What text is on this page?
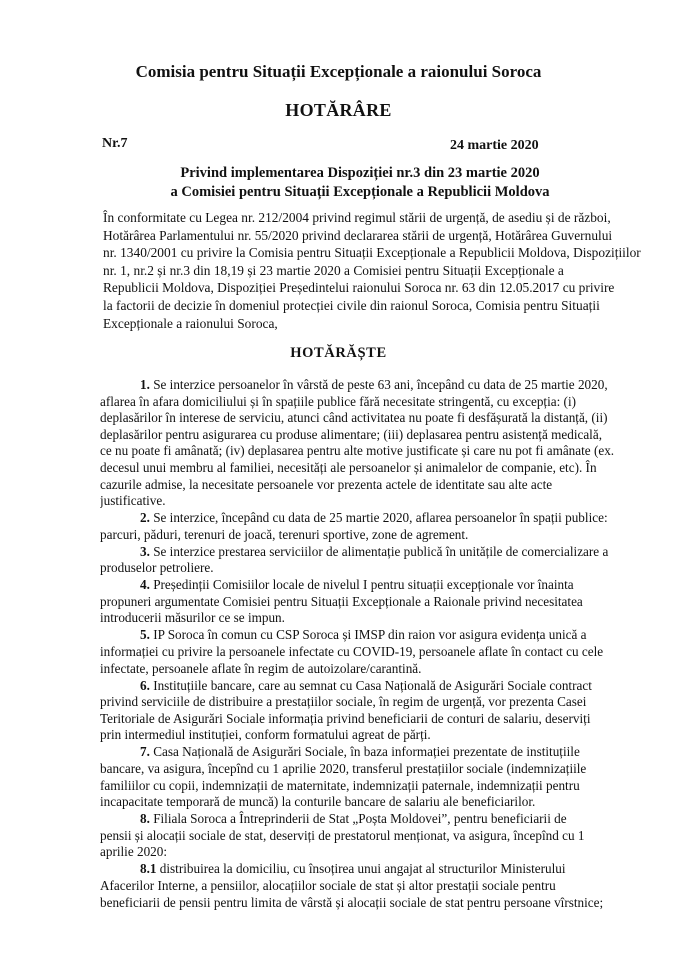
Comisia pentru Situații Excepționale a raionului Soroca
HOTĂRÂRE
Nr.7	24 martie 2020
Privind implementarea Dispoziției nr.3 din 23 martie 2020
a Comisiei pentru Situații Excepționale a Republicii Moldova
În conformitate cu Legea nr. 212/2004 privind regimul stării de urgență, de asediu și de război,
Hotărârea Parlamentului nr. 55/2020 privind declararea stării de urgență, Hotărârea Guvernului
nr. 1340/2001 cu privire la Comisia pentru Situații Excepționale a Republicii Moldova, Dispozițiilor
nr. 1, nr.2 și nr.3 din 18,19 și 23 martie 2020 a Comisiei pentru Situații Excepționale a
Republicii Moldova, Dispoziției Președintelui raionului Soroca nr. 63 din 12.05.2017 cu privire
la factorii de decizie în domeniul protecției civile din raionul Soroca, Comisia pentru Situații
Excepționale a raionului Soroca,
HOTĂRĂȘTE
1. Se interzice persoanelor în vârstă de peste 63 ani, începând cu data de 25 martie 2020,
aflarea în afara domiciliului și în spațiile publice fără necesitate stringentă, cu excepția: (i)
deplasărilor în interese de serviciu, atunci când activitatea nu poate fi desfășurată la distanță, (ii)
deplasărilor pentru asigurarea cu produse alimentare; (iii) deplasarea pentru asistență medicală,
ce nu poate fi amânată; (iv) deplasarea pentru alte motive justificate și care nu pot fi amânate (ex.
decesul unui membru al familiei, necesități ale persoanelor și animalelor de companie, etc). În
cazurile admise, la necesitate persoanele vor prezenta actele de identitate sau alte acte
justificative.
2. Se interzice, începând cu data de 25 martie 2020, aflarea persoanelor în spații publice:
parcuri, păduri, terenuri de joacă, terenuri sportive, zone de agrement.
3. Se interzice prestarea serviciilor de alimentație publică în unitățile de comercializare a
produselor petroliere.
4. Președinții Comisiilor locale de nivelul I pentru situații excepționale vor înainta
propuneri argumentate Comisiei pentru Situații Excepționale a Raionale privind necesitatea
introducerii măsurilor ce se impun.
5. IP Soroca în comun cu CSP Soroca și IMSP din raion vor asigura evidența unică a
informației cu privire la persoanele infectate cu COVID-19, persoanele aflate în contact cu cele
infectate, persoanele aflate în regim de autoizolare/carantină.
6. Instituțiile bancare, care au semnat cu Casa Națională de Asigurări Sociale contract
privind serviciile de distribuire a prestațiilor sociale, în regim de urgență, vor prezenta Casei
Teritoriale de Asigurări Sociale informația privind beneficiarii de conturi de salariu, deserviți
prin intermediul instituției, conform formatului agreat de părți.
7. Casa Națională de Asigurări Sociale, în baza informației prezentate de instituțiile
bancare, va asigura, începînd cu 1 aprilie 2020, transferul prestațiilor sociale (indemnizațiile
familiilor cu copii, indemnizații de maternitate, indemnizații paternale, indemnizații pentru
incapacitate temporară de muncă) la conturile bancare de salariu ale beneficiarilor.
8. Filiala Soroca a Întreprinderii de Stat „Poșta Moldovei”, pentru beneficiarii de
pensii și alocații sociale de stat, deserviți de prestatorul menționat, va asigura, începînd cu 1
aprilie 2020:
8.1 distribuirea la domiciliu, cu însoțirea unui angajat al structurilor Ministerului
Afacerilor Interne, a pensiilor, alocațiilor sociale de stat și altor prestații sociale pentru
beneficiarii de pensii pentru limita de vârstă și alocații sociale de stat pentru persoane vîrstnice;
